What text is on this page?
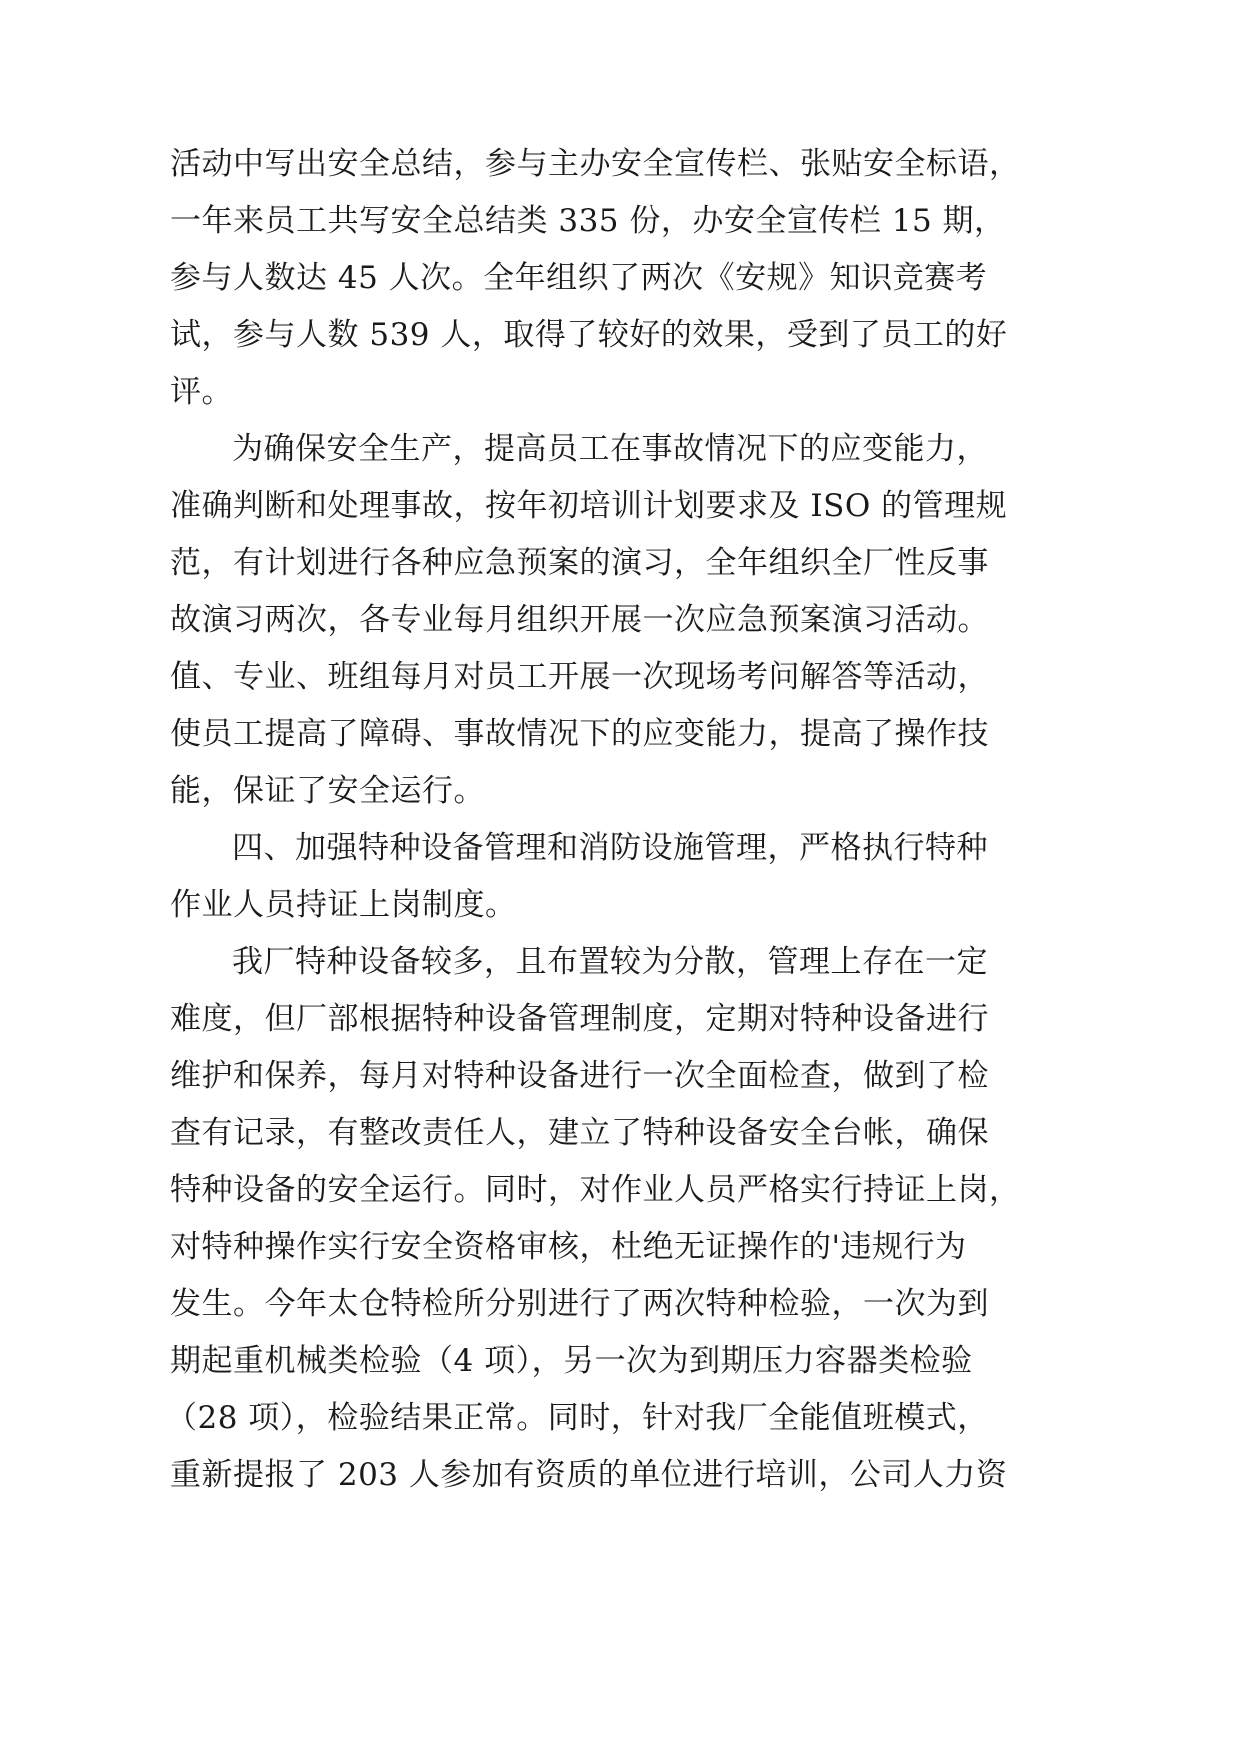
活动中写出安全总结，参与主办安全宣传栏、张贴安全标语，

一年来员工共写安全总结类 335 份，办安全宣传栏 15 期，

参与人数达 45 人次。全年组织了两次《安规》知识竞赛考

试，参与人数 539 人，取得了较好的效果，受到了员工的好

评。

为确保安全生产，提高员工在事故情况下的应变能力，

准确判断和处理事故，按年初培训计划要求及 ISO 的管理规

范，有计划进行各种应急预案的演习，全年组织全厂性反事

故演习两次，各专业每月组织开展一次应急预案演习活动。

值、专业、班组每月对员工开展一次现场考问解答等活动，

使员工提高了障碍、事故情况下的应变能力，提高了操作技

能，保证了安全运行。

四、加强特种设备管理和消防设施管理，严格执行特种

作业人员持证上岗制度。

我厂特种设备较多，且布置较为分散，管理上存在一定

难度，但厂部根据特种设备管理制度，定期对特种设备进行

维护和保养，每月对特种设备进行一次全面检查，做到了检

查有记录，有整改责任人，建立了特种设备安全台帐，确保

特种设备的安全运行。同时，对作业人员严格实行持证上岗，

对特种操作实行安全资格审核，杜绝无证操作的'违规行为

发生。今年太仓特检所分别进行了两次特种检验，一次为到

期起重机械类检验（4 项），另一次为到期压力容器类检验

（28 项），检验结果正常。同时，针对我厂全能值班模式，

重新提报了 203 人参加有资质的单位进行培训，公司人力资
